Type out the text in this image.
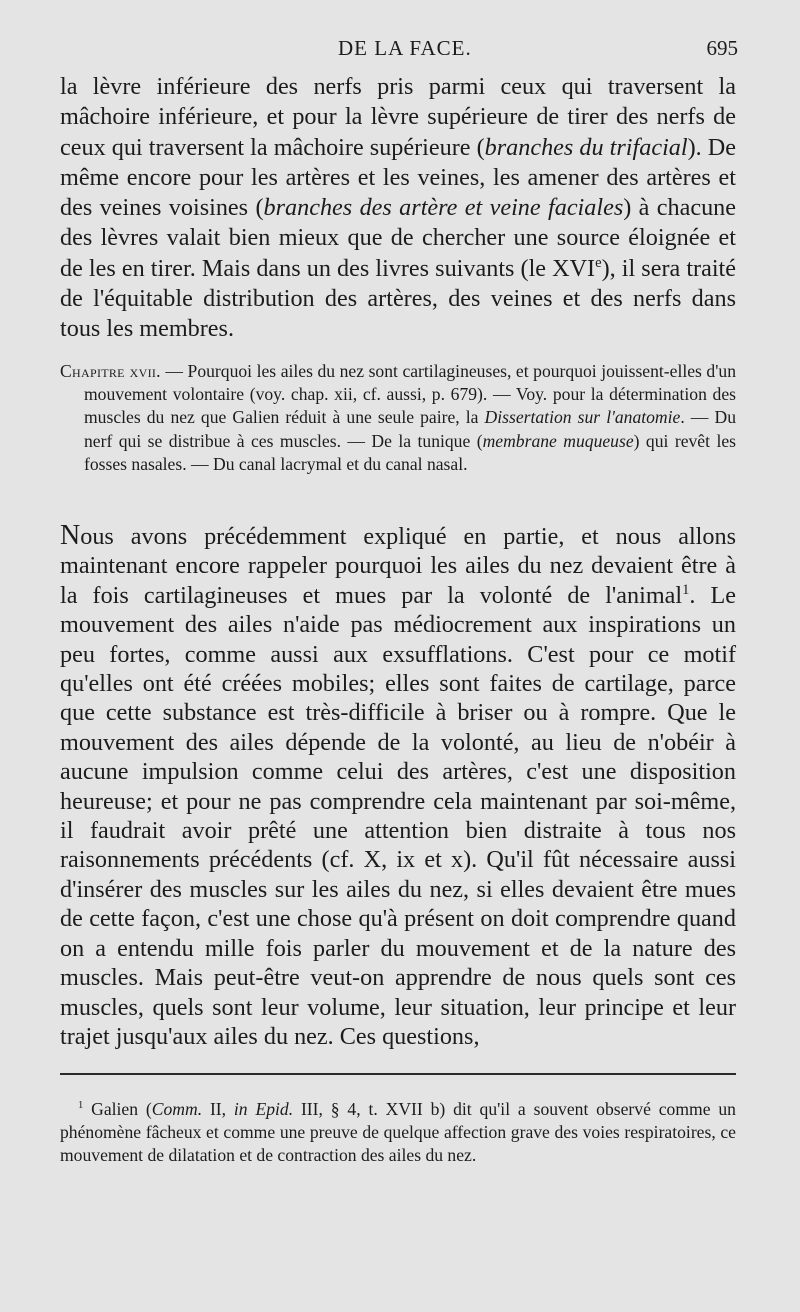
DE LA FACE.	695

la lèvre inférieure des nerfs pris parmi ceux qui traversent la mâchoire inférieure, et pour la lèvre supérieure de tirer des nerfs de ceux qui traversent la mâchoire supérieure (branches du trifacial). De même encore pour les artères et les veines, les amener des artères et des veines voisines (branches des artère et veine faciales) à chacune des lèvres valait bien mieux que de chercher une source éloignée et de les en tirer. Mais dans un des livres suivants (le XVIe), il sera traité de l'équitable distribution des artères, des veines et des nerfs dans tous les membres.

Chapitre xvii. — Pourquoi les ailes du nez sont cartilagineuses, et pourquoi jouissent-elles d'un mouvement volontaire (voy. chap. xii, cf. aussi, p. 679). — Voy. pour la détermination des muscles du nez que Galien réduit à une seule paire, la Dissertation sur l'anatomie. — Du nerf qui se distribue à ces muscles. — De la tunique (membrane muqueuse) qui revêt les fosses nasales. — Du canal lacrymal et du canal nasal.

Nous avons précédemment expliqué en partie, et nous allons maintenant encore rappeler pourquoi les ailes du nez devaient être à la fois cartilagineuses et mues par la volonté de l'animal$^1$. Le mouvement des ailes n'aide pas médiocrement aux inspirations un peu fortes, comme aussi aux exsufflations. C'est pour ce motif qu'elles ont été créées mobiles; elles sont faites de cartilage, parce que cette substance est très-difficile à briser ou à rompre. Que le mouvement des ailes dépende de la volonté, au lieu de n'obéir à aucune impulsion comme celui des artères, c'est une disposition heureuse; et pour ne pas comprendre cela maintenant par soi-même, il faudrait avoir prêté une attention bien distraite à tous nos raisonnements précédents (cf. X, ix et x). Qu'il fût nécessaire aussi d'insérer des muscles sur les ailes du nez, si elles devaient être mues de cette façon, c'est une chose qu'à présent on doit comprendre quand on a entendu mille fois parler du mouvement et de la nature des muscles. Mais peut-être veut-on apprendre de nous quels sont ces muscles, quels sont leur volume, leur situation, leur principe et leur trajet jusqu'aux ailes du nez. Ces questions,

$^1$ Galien (Comm. II, in Epid. III, § 4, t. XVII b) dit qu'il a souvent observé comme un phénomène fâcheux et comme une preuve de quelque affection grave des voies respiratoires, ce mouvement de dilatation et de contraction des ailes du nez.
